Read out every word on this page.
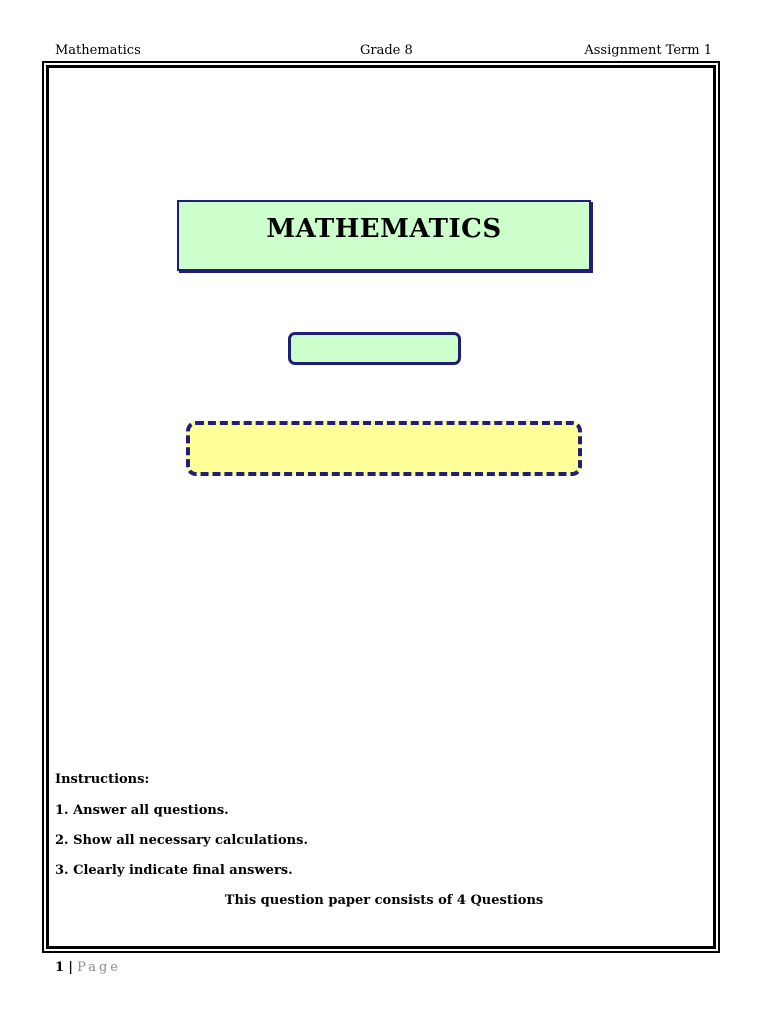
Mathematics	Grade 8	Assignment Term 1
MATHEMATICS
Instructions:
1. Answer all questions.
2. Show all necessary calculations.
3. Clearly indicate final answers.
This question paper consists of 4 Questions
1 | Page
